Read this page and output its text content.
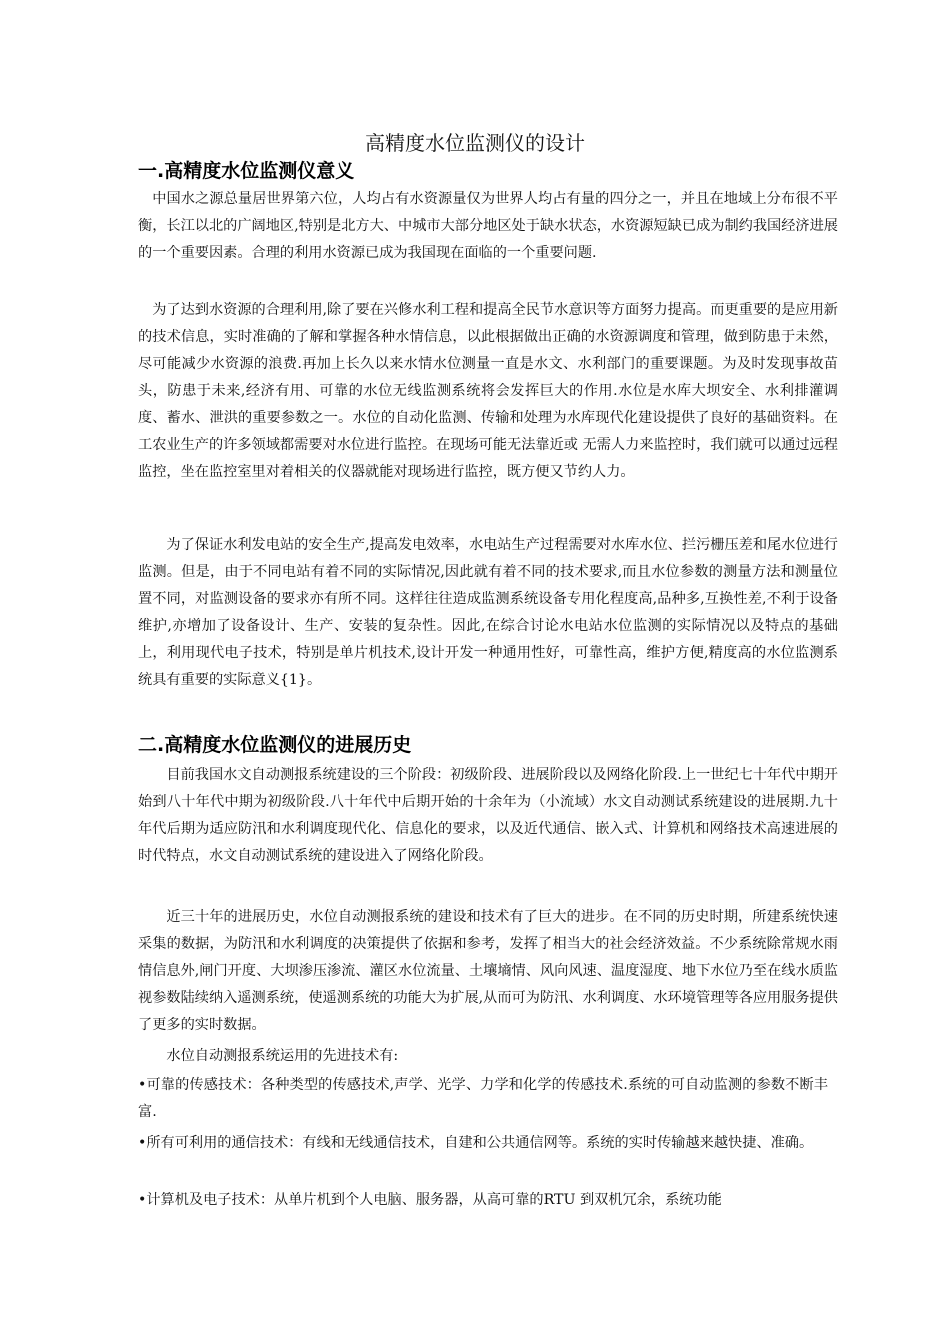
高精度水位监测仪的设计
一.高精度水位监测仪意义

中国水之源总量居世界第六位，人均占有水资源量仅为世界人均占有量的四分之一，并且在地域上分布很不平衡，长江以北的广阔地区,特别是北方大、中城市大部分地区处于缺水状态，水资源短缺已成为制约我国经济进展的一个重要因素。合理的利用水资源已成为我国现在面临的一个重要问题.

为了达到水资源的合理利用,除了要在兴修水利工程和提高全民节水意识等方面努力提高。而更重要的是应用新的技术信息，实时准确的了解和掌握各种水情信息，以此根据做出正确的水资源调度和管理，做到防患于未然，尽可能减少水资源的浪费.再加上长久以来水情水位测量一直是水文、水利部门的重要课题。为及时发现事故苗头，防患于未来,经济有用、可靠的水位无线监测系统将会发挥巨大的作用.水位是水库大坝安全、水利排灌调度、蓄水、泄洪的重要参数之一。水位的自动化监测、传输和处理为水库现代化建设提供了良好的基础资料。在工农业生产的许多领域都需要对水位进行监控。在现场可能无法靠近或 无需人力来监控时，我们就可以通过远程监控，坐在监控室里对着相关的仪器就能对现场进行监控，既方便又节约人力。

为了保证水利发电站的安全生产,提高发电效率，水电站生产过程需要对水库水位、拦污栅压差和尾水位进行监测。但是，由于不同电站有着不同的实际情况,因此就有着不同的技术要求,而且水位参数的测量方法和测量位置不同，对监测设备的要求亦有所不同。这样往往造成监测系统设备专用化程度高,品种多,互换性差,不利于设备维护,亦增加了设备设计、生产、安装的复杂性。因此,在综合讨论水电站水位监测的实际情况以及特点的基础上，利用现代电子技术，特别是单片机技术,设计开发一种通用性好，可靠性高，维护方便,精度高的水位监测系统具有重要的实际意义{1}。

二.高精度水位监测仪的进展历史

目前我国水文自动测报系统建设的三个阶段：初级阶段、进展阶段以及网络化阶段.上一世纪七十年代中期开始到八十年代中期为初级阶段.八十年代中后期开始的十余年为（小流域）水文自动测试系统建设的进展期.九十年代后期为适应防汛和水利调度现代化、信息化的要求，以及近代通信、嵌入式、计算机和网络技术高速进展的时代特点，水文自动测试系统的建设进入了网络化阶段。

近三十年的进展历史，水位自动测报系统的建设和技术有了巨大的进步。在不同的历史时期，所建系统快速采集的数据，为防汛和水利调度的决策提供了依据和参考，发挥了相当大的社会经济效益。不少系统除常规水雨情信息外,闸门开度、大坝渗压渗流、灌区水位流量、土壤墒情、风向风速、温度湿度、地下水位乃至在线水质监视参数陆续纳入遥测系统，使遥测系统的功能大为扩展,从而可为防汛、水利调度、水环境管理等各应用服务提供了更多的实时数据。

水位自动测报系统运用的先进技术有:

•可靠的传感技术：各种类型的传感技术,声学、光学、力学和化学的传感技术.系统的可自动监测的参数不断丰富.

•所有可利用的通信技术：有线和无线通信技术，自建和公共通信网等。系统的实时传输越来越快捷、准确。

•计算机及电子技术：从单片机到个人电脑、服务器，从高可靠的RTU 到双机冗余，系统功能
